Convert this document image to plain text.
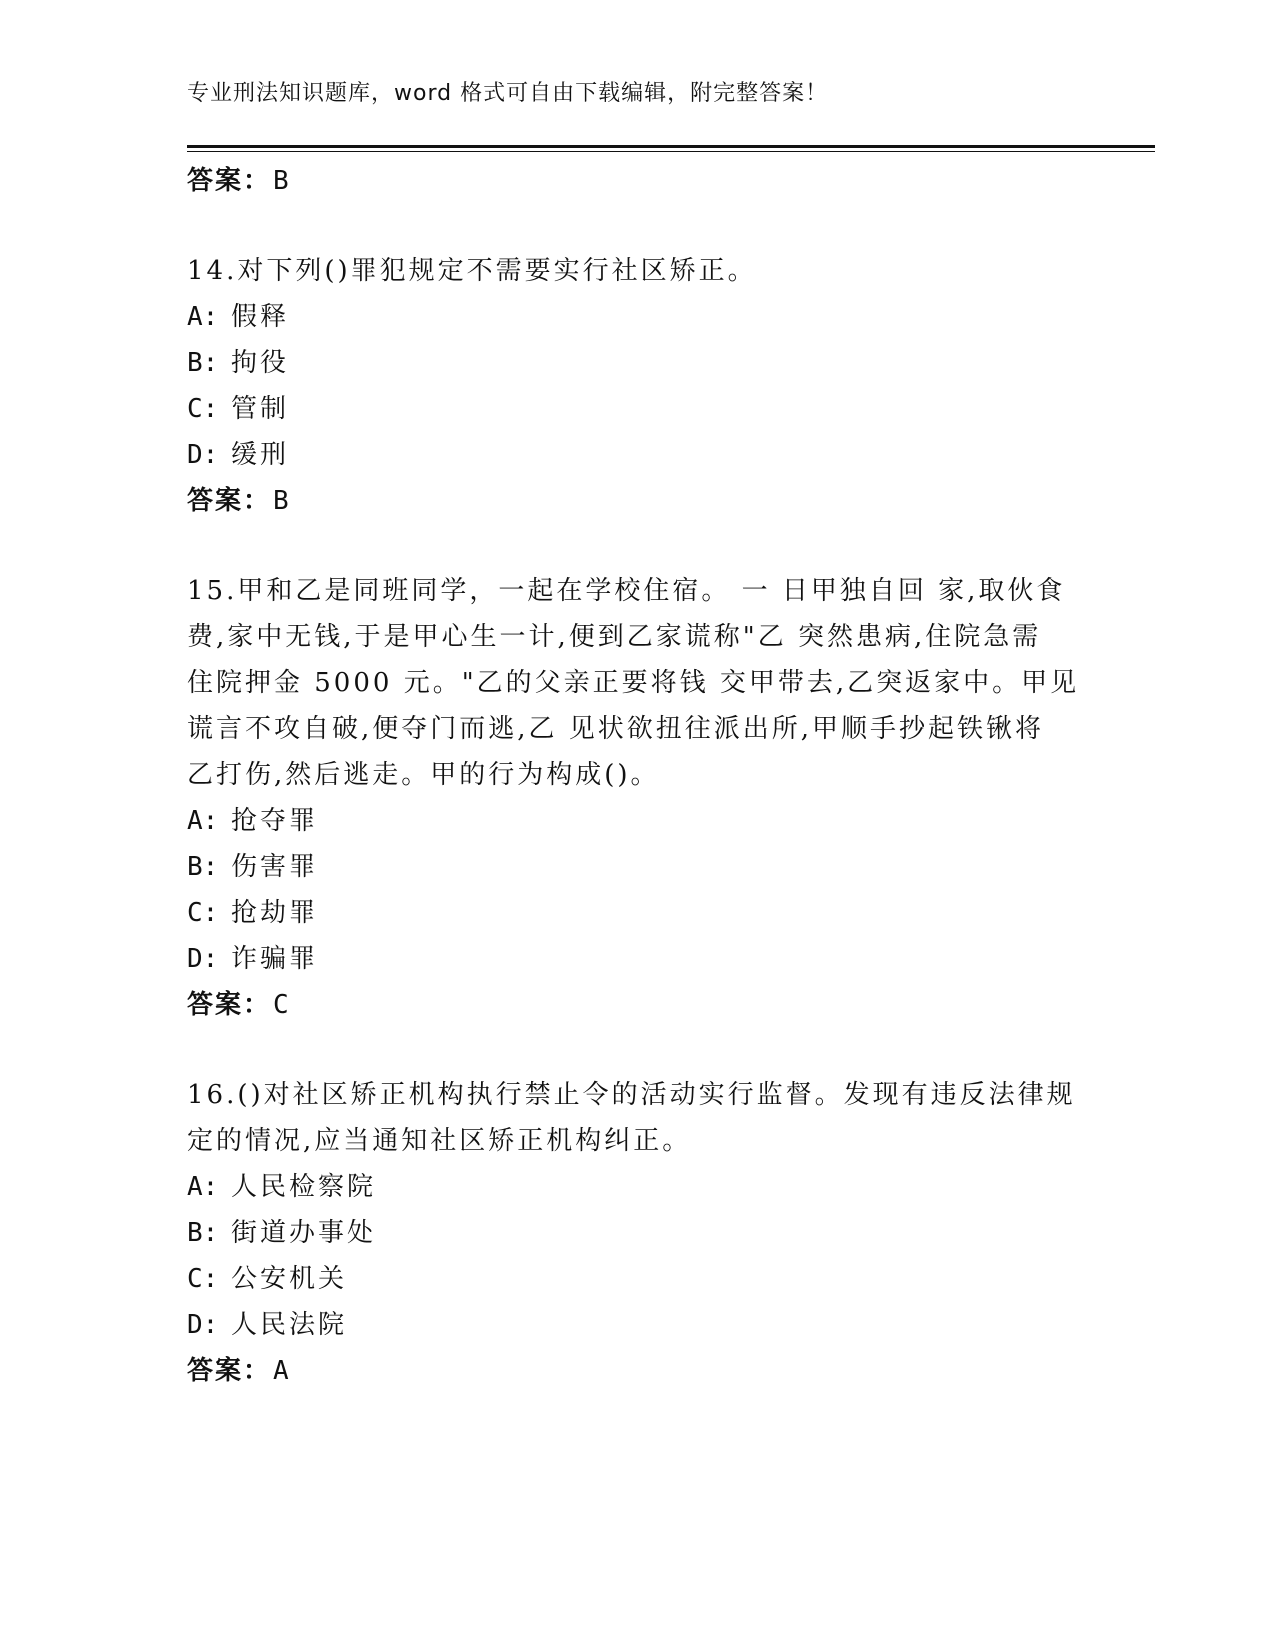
专业刑法知识题库，word 格式可自由下载编辑，附完整答案！
答案：B
14.对下列()罪犯规定不需要实行社区矫正。
A: 假释
B: 拘役
C: 管制
D: 缓刑
答案：B
15.甲和乙是同班同学，一起在学校住宿。 一 日甲独自回 家,取伙食
费,家中无钱,于是甲心生一计,便到乙家谎称"乙 突然患病,住院急需
住院押金 5000 元。"乙的父亲正要将钱 交甲带去,乙突返家中。甲见
谎言不攻自破,便夺门而逃,乙 见状欲扭往派出所,甲顺手抄起铁锹将
乙打伤,然后逃走。甲的行为构成()。
A: 抢夺罪
B: 伤害罪
C: 抢劫罪
D: 诈骗罪
答案：C
16.()对社区矫正机构执行禁止令的活动实行监督。发现有违反法律规
定的情况,应当通知社区矫正机构纠正。
A: 人民检察院
B: 街道办事处
C: 公安机关
D: 人民法院
答案：A
